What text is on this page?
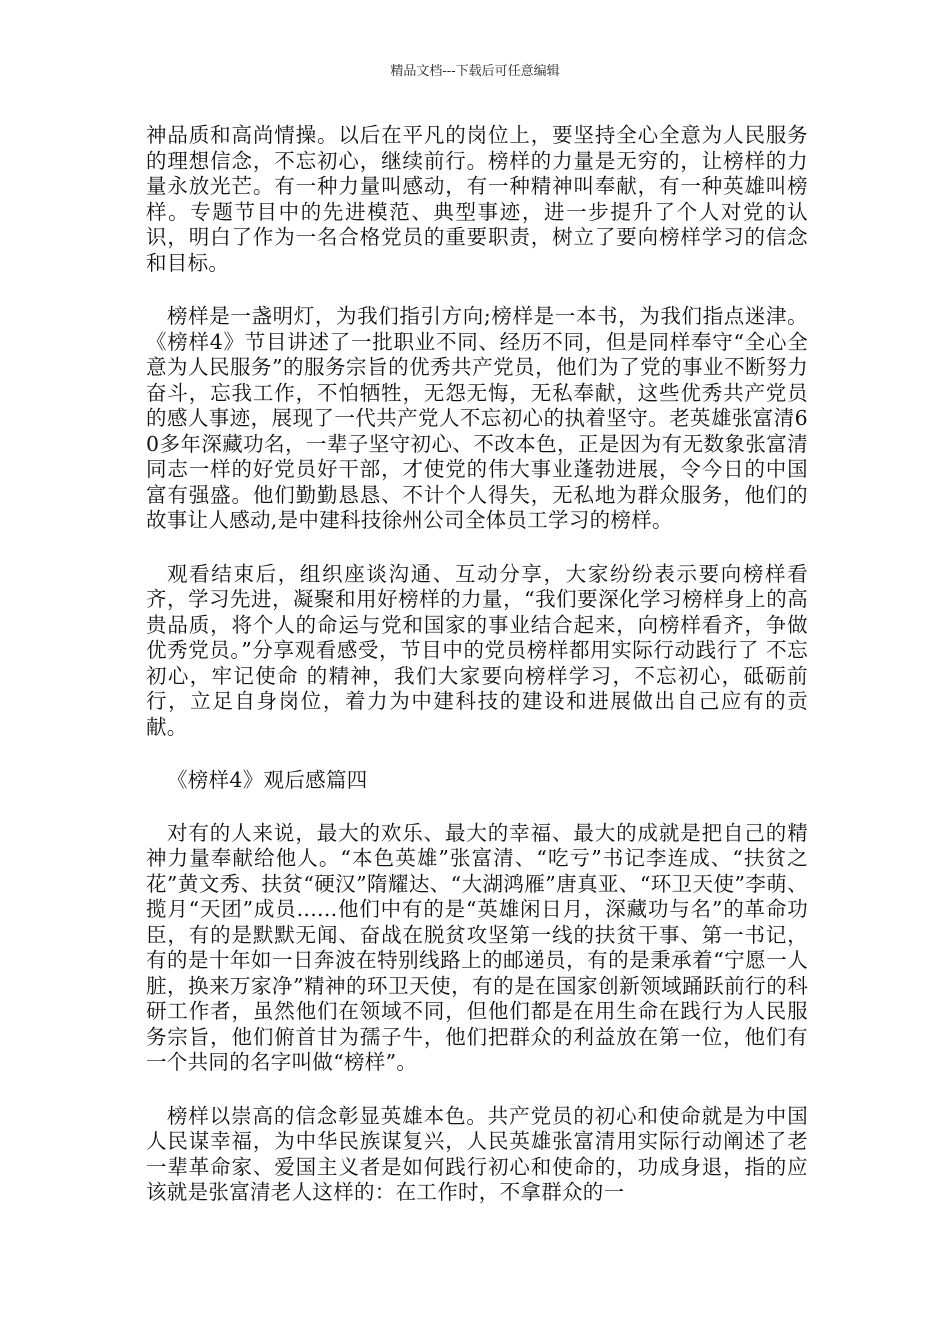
精品文档---下载后可任意编辑

神品质和高尚情操。以后在平凡的岗位上，要坚持全心全意为人民服务的理想信念，不忘初心，继续前行。榜样的力量是无穷的，让榜样的力量永放光芒。有一种力量叫感动，有一种精神叫奉献，有一种英雄叫榜样。专题节目中的先进模范、典型事迹，进一步提升了个人对党的认识，明白了作为一名合格党员的重要职责，树立了要向榜样学习的信念和目标。

榜样是一盏明灯，为我们指引方向;榜样是一本书，为我们指点迷津。《榜样4》节目讲述了一批职业不同、经历不同，但是同样奉守“全心全意为人民服务”的服务宗旨的优秀共产党员，他们为了党的事业不断努力奋斗，忘我工作，不怕牺牲，无怨无悔，无私奉献，这些优秀共产党员的感人事迹，展现了一代共产党人不忘初心的执着坚守。老英雄张富清60多年深藏功名，一辈子坚守初心、不改本色，正是因为有无数象张富清同志一样的好党员好干部，才使党的伟大事业蓬勃进展，令今日的中国富有强盛。他们勤勤恳恳、不计个人得失，无私地为群众服务，他们的故事让人感动,是中建科技徐州公司全体员工学习的榜样。

观看结束后，组织座谈沟通、互动分享，大家纷纷表示要向榜样看齐，学习先进，凝聚和用好榜样的力量，“我们要深化学习榜样身上的高贵品质，将个人的命运与党和国家的事业结合起来，向榜样看齐，争做优秀党员。”分享观看感受，节目中的党员榜样都用实际行动践行了 不忘初心，牢记使命 的精神，我们大家要向榜样学习，不忘初心，砥砺前行，立足自身岗位，着力为中建科技的建设和进展做出自己应有的贡献。

《榜样4》观后感篇四

对有的人来说，最大的欢乐、最大的幸福、最大的成就是把自己的精神力量奉献给他人。“本色英雄”张富清、“吃亏”书记李连成、“扶贫之花”黄文秀、扶贫“硬汉”隋耀达、“大湖鸿雁”唐真亚、“环卫天使”李萌、揽月“天团”成员......他们中有的是“英雄闲日月，深藏功与名”的革命功臣，有的是默默无闻、奋战在脱贫攻坚第一线的扶贫干事、第一书记，有的是十年如一日奔波在特别线路上的邮递员，有的是秉承着“宁愿一人脏，换来万家净”精神的环卫天使，有的是在国家创新领域踊跃前行的科研工作者，虽然他们在领域不同，但他们都是在用生命在践行为人民服务宗旨，他们俯首甘为孺子牛，他们把群众的利益放在第一位，他们有一个共同的名字叫做“榜样”。

榜样以崇高的信念彰显英雄本色。共产党员的初心和使命就是为中国人民谋幸福，为中华民族谋复兴，人民英雄张富清用实际行动阐述了老一辈革命家、爱国主义者是如何践行初心和使命的，功成身退，指的应该就是张富清老人这样的：在工作时，不拿群众的一
